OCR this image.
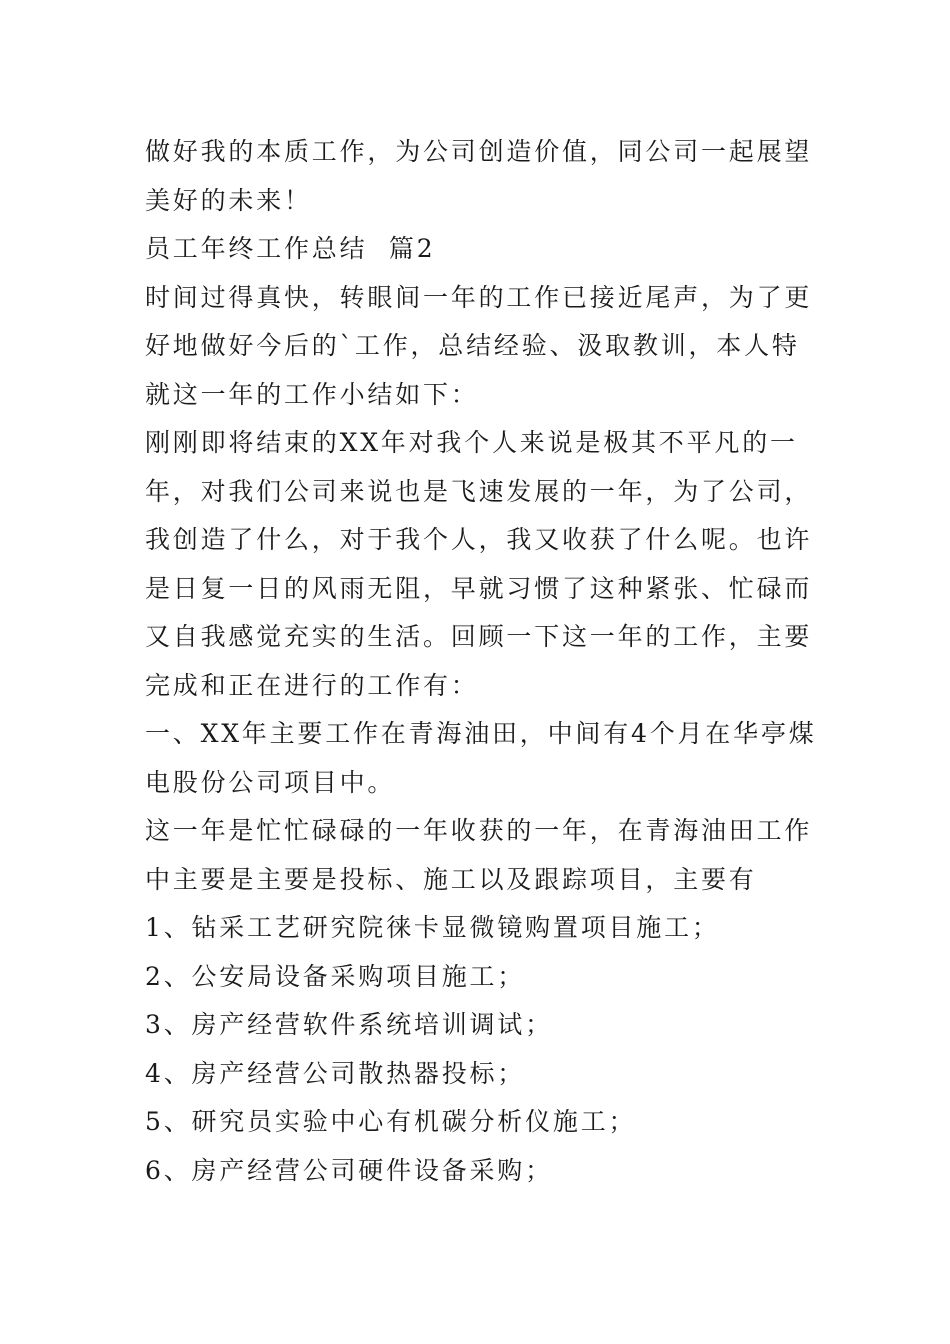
做好我的本质工作，为公司创造价值，同公司一起展望美好的未来！

员工年终工作总结  篇2

时间过得真快，转眼间一年的工作已接近尾声，为了更好地做好今后的`工作，总结经验、汲取教训，本人特就这一年的工作小结如下：

刚刚即将结束的XX年对我个人来说是极其不平凡的一年，对我们公司来说也是飞速发展的一年，为了公司，我创造了什么，对于我个人，我又收获了什么呢。也许是日复一日的风雨无阻，早就习惯了这种紧张、忙碌而又自我感觉充实的生活。回顾一下这一年的工作，主要完成和正在进行的工作有：

一、XX年主要工作在青海油田，中间有4个月在华亭煤电股份公司项目中。

这一年是忙忙碌碌的一年收获的一年，在青海油田工作中主要是主要是投标、施工以及跟踪项目，主要有

1、钻采工艺研究院徕卡显微镜购置项目施工；

2、公安局设备采购项目施工；

3、房产经营软件系统培训调试；

4、房产经营公司散热器投标；

5、研究员实验中心有机碳分析仪施工；

6、房产经营公司硬件设备采购；
